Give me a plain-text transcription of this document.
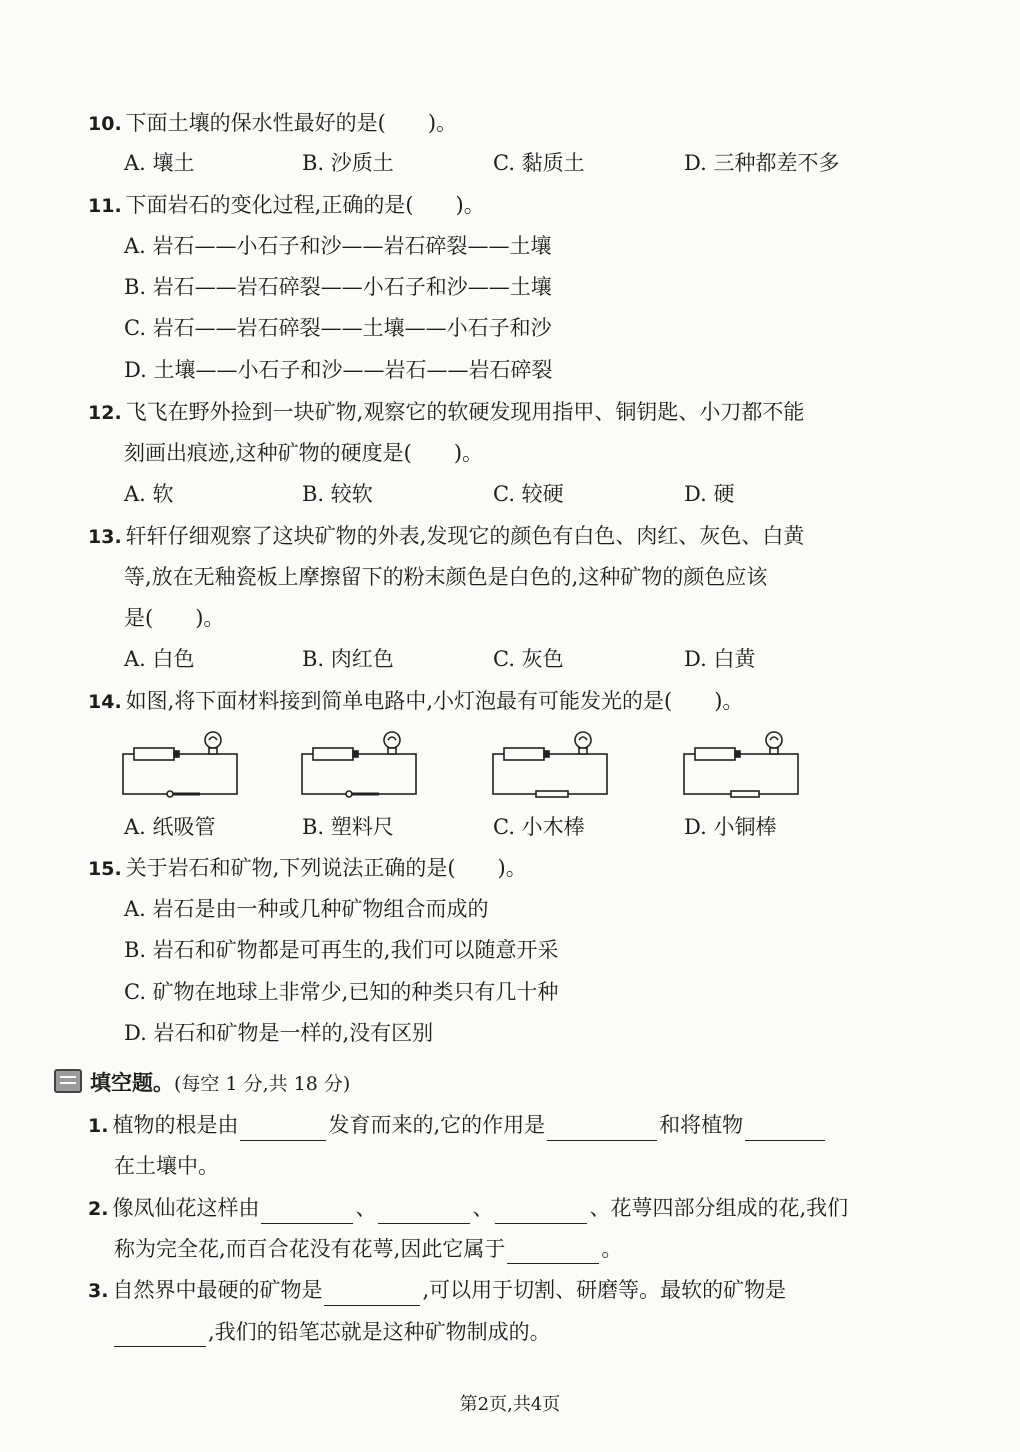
10. 下面土壤的保水性最好的是(　　)。
A. 壤土	B. 沙质土	C. 黏质土	D. 三种都差不多
11. 下面岩石的变化过程,正确的是(　　)。
A. 岩石——小石子和沙——岩石碎裂——土壤
B. 岩石——岩石碎裂——小石子和沙——土壤
C. 岩石——岩石碎裂——土壤——小石子和沙
D. 土壤——小石子和沙——岩石——岩石碎裂
12. 飞飞在野外捡到一块矿物,观察它的软硬发现用指甲、铜钥匙、小刀都不能
刻画出痕迹,这种矿物的硬度是(　　)。
A. 软	B. 较软	C. 较硬	D. 硬
13. 轩轩仔细观察了这块矿物的外表,发现它的颜色有白色、肉红、灰色、白黄
等,放在无釉瓷板上摩擦留下的粉末颜色是白色的,这种矿物的颜色应该
是(　　)。
A. 白色	B. 肉红色	C. 灰色	D. 白黄
14. 如图,将下面材料接到简单电路中,小灯泡最有可能发光的是(　　)。
A. 纸吸管	B. 塑料尺	C. 小木棒	D. 小铜棒
15. 关于岩石和矿物,下列说法正确的是(　　)。
A. 岩石是由一种或几种矿物组合而成的
B. 岩石和矿物都是可再生的,我们可以随意开采
C. 矿物在地球上非常少,已知的种类只有几十种
D. 岩石和矿物是一样的,没有区别
填空题。(每空 1 分,共 18 分)
1. 植物的根是由	发育而来的,它的作用是	和将植物
在土壤中。
2. 像凤仙花这样由	、	、	、花萼四部分组成的花,我们
称为完全花,而百合花没有花萼,因此它属于	。
3. 自然界中最硬的矿物是	,可以用于切割、研磨等。最软的矿物是
,我们的铅笔芯就是这种矿物制成的。
第2页,共4页
